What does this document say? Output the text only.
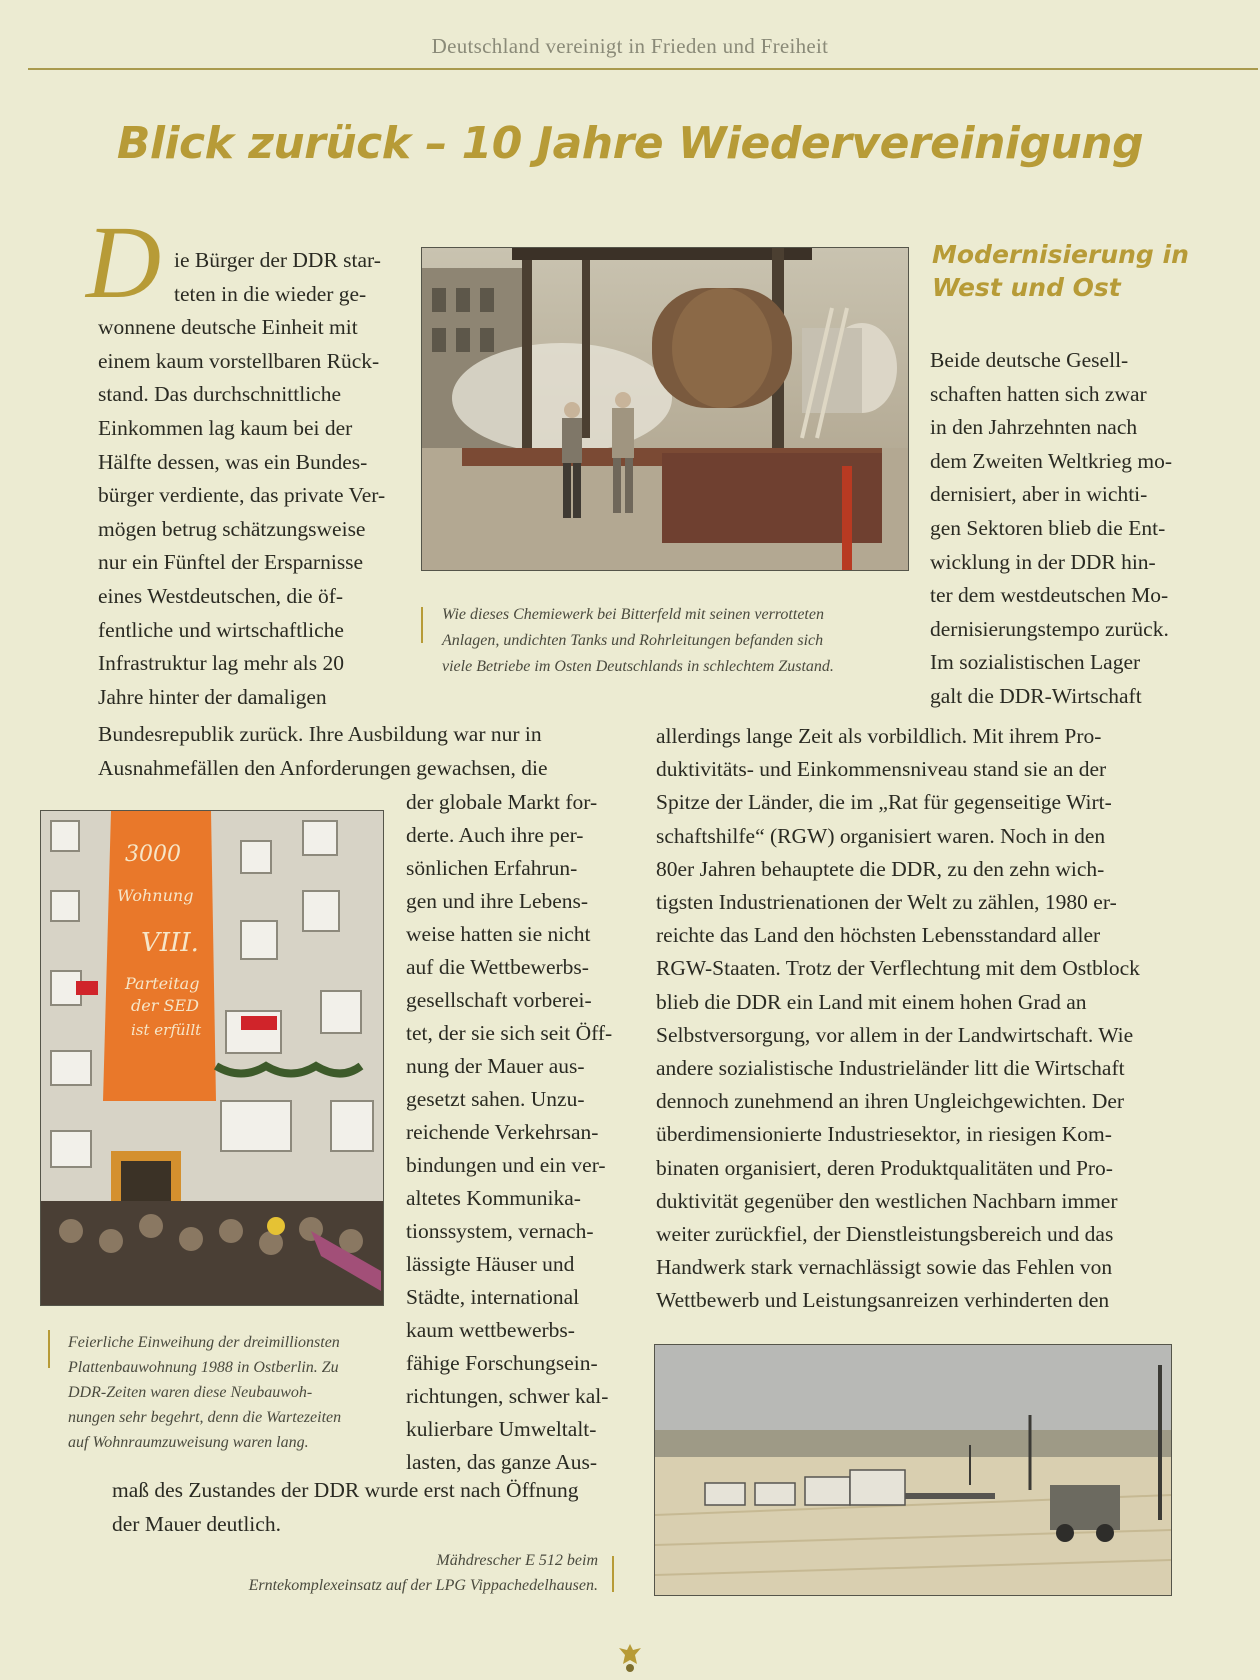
Deutschland vereinigt in Frieden und Freiheit
Blick zurück – 10 Jahre Wiedervereinigung
D ie Bürger der DDR star-
teten in die wieder ge-
wonnene deutsche Einheit mit
einem kaum vorstellbaren Rück-
stand. Das durchschnittliche
Einkommen lag kaum bei der
Hälfte dessen, was ein Bundes-
bürger verdiente, das private Ver-
mögen betrug schätzungsweise
nur ein Fünftel der Ersparnisse
eines Westdeutschen, die öf-
fentliche und wirtschaftliche
Infrastruktur lag mehr als 20
Jahre hinter der damaligen
Bundesrepublik zurück. Ihre Ausbildung war nur in
Ausnahmefällen den Anforderungen gewachsen, die
der globale Markt for-
derte. Auch ihre per-
sönlichen Erfahrun-
gen und ihre Lebens-
weise hatten sie nicht
auf die Wettbewerbs-
gesellschaft vorberei-
tet, der sie sich seit Öff-
nung der Mauer aus-
gesetzt sahen. Unzu-
reichende Verkehrsan-
bindungen und ein ver-
altetes Kommunika-
tionssystem, vernach-
lässigte Häuser und
Städte, international
kaum wettbewerbs-
fähige Forschungsein-
richtungen, schwer kal-
kulierbare Umweltalt-
lasten, das ganze Aus-
maß des Zustandes der DDR wurde erst nach Öffnung
der Mauer deutlich.
Modernisierung in West und Ost
Beide deutsche Gesell-
schaften hatten sich zwar
in den Jahrzehnten nach
dem Zweiten Weltkrieg mo-
dernisiert, aber in wichti-
gen Sektoren blieb die Ent-
wicklung in der DDR hin-
ter dem westdeutschen Mo-
dernisierungstempo zurück.
Im sozialistischen Lager
galt die DDR-Wirtschaft
allerdings lange Zeit als vorbildlich. Mit ihrem Pro-
duktivitäts- und Einkommensniveau stand sie an der
Spitze der Länder, die im „Rat für gegenseitige Wirt-
schaftshilfe“ (RGW) organisiert waren. Noch in den
80er Jahren behauptete die DDR, zu den zehn wich-
tigsten Industrienationen der Welt zu zählen, 1980 er-
reichte das Land den höchsten Lebensstandard aller
RGW-Staaten. Trotz der Verflechtung mit dem Ostblock
blieb die DDR ein Land mit einem hohen Grad an
Selbstversorgung, vor allem in der Landwirtschaft. Wie
andere sozialistische Industrieländer litt die Wirtschaft
dennoch zunehmend an ihren Ungleichgewichten. Der
überdimensionierte Industriesektor, in riesigen Kom-
binaten organisiert, deren Produktqualitäten und Pro-
duktivität gegenüber den westlichen Nachbarn immer
weiter zurückfiel, der Dienstleistungsbereich und das
Handwerk stark vernachlässigt sowie das Fehlen von
Wettbewerb und Leistungsanreizen verhinderten den
Wie dieses Chemiewerk bei Bitterfeld mit seinen verrotteten
Anlagen, undichten Tanks und Rohrleitungen befanden sich
viele Betriebe im Osten Deutschlands in schlechtem Zustand.
3000
Wohnung
VIII.
Parteitag
der SED
ist erfüllt
Feierliche Einweihung der dreimillionsten
Plattenbauwohnung 1988 in Ostberlin. Zu
DDR-Zeiten waren diese Neubauwoh-
nungen sehr begehrt, denn die Wartezeiten
auf Wohnraumzuweisung waren lang.
Mähdrescher E 512 beim
Erntekomplexeinsatz auf der LPG Vippachedelhausen.
